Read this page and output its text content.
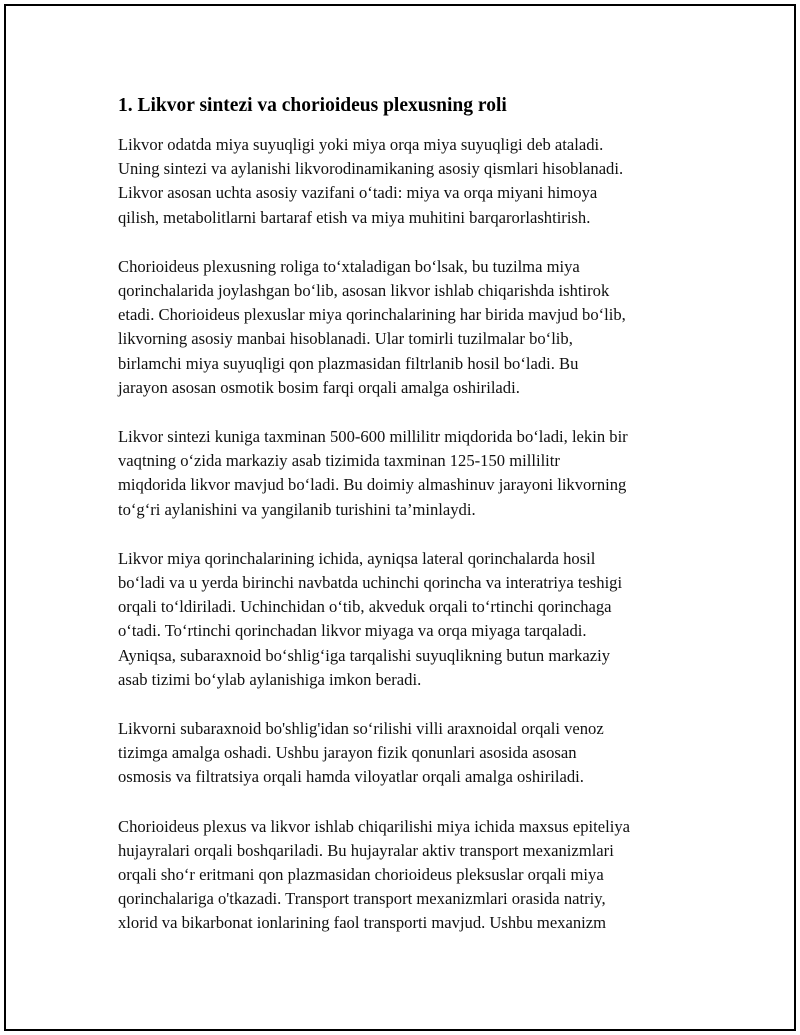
1. Likvor sintezi va chorioideus plexusning roli
Likvor odatda miya suyuqligi yoki miya orqa miya suyuqligi deb ataladi.
Uning sintezi va aylanishi likvorodinamikaning asosiy qismlari hisoblanadi.
Likvor asosan uchta asosiy vazifani o‘tadi: miya va orqa miyani himoya
qilish, metabolitlarni bartaraf etish va miya muhitini barqarorlashtirish.
Chorioideus plexusning roliga to‘xtaladigan bo‘lsak, bu tuzilma miya
qorinchalarida joylashgan bo‘lib, asosan likvor ishlab chiqarishda ishtirok
etadi. Chorioideus plexuslar miya qorinchalarining har birida mavjud bo‘lib,
likvorning asosiy manbai hisoblanadi. Ular tomirli tuzilmalar bo‘lib,
birlamchi miya suyuqligi qon plazmasidan filtrlanib hosil bo‘ladi. Bu
jarayon asosan osmotik bosim farqi orqali amalga oshiriladi.
Likvor sintezi kuniga taxminan 500-600 millilitr miqdorida bo‘ladi, lekin bir
vaqtning o‘zida markaziy asab tizimida taxminan 125-150 millilitr
miqdorida likvor mavjud bo‘ladi. Bu doimiy almashinuv jarayoni likvorning
to‘g‘ri aylanishini va yangilanib turishini ta’minlaydi.
Likvor miya qorinchalarining ichida, ayniqsa lateral qorinchalarda hosil
bo‘ladi va u yerda birinchi navbatda uchinchi qorincha va interatriya teshigi
orqali to‘ldiriladi. Uchinchidan o‘tib, akveduk orqali to‘rtinchi qorinchaga
o‘tadi. To‘rtinchi qorinchadan likvor miyaga va orqa miyaga tarqaladi.
Ayniqsa, subaraxnoid bo‘shlig‘iga tarqalishi suyuqlikning butun markaziy
asab tizimi bo‘ylab aylanishiga imkon beradi.
Likvorni subaraxnoid bo'shlig'idan so‘rilishi villi araxnoidal orqali venoz
tizimga amalga oshadi. Ushbu jarayon fizik qonunlari asosida asosan
osmosis va filtratsiya orqali hamda viloyatlar orqali amalga oshiriladi.
Chorioideus plexus va likvor ishlab chiqarilishi miya ichida maxsus epiteliya
hujayralari orqali boshqariladi. Bu hujayralar aktiv transport mexanizmlari
orqali sho‘r eritmani qon plazmasidan chorioideus pleksuslar orqali miya
qorinchalariga o'tkazadi. Transport transport mexanizmlari orasida natriy,
xlorid va bikarbonat ionlarining faol transporti mavjud. Ushbu mexanizm
